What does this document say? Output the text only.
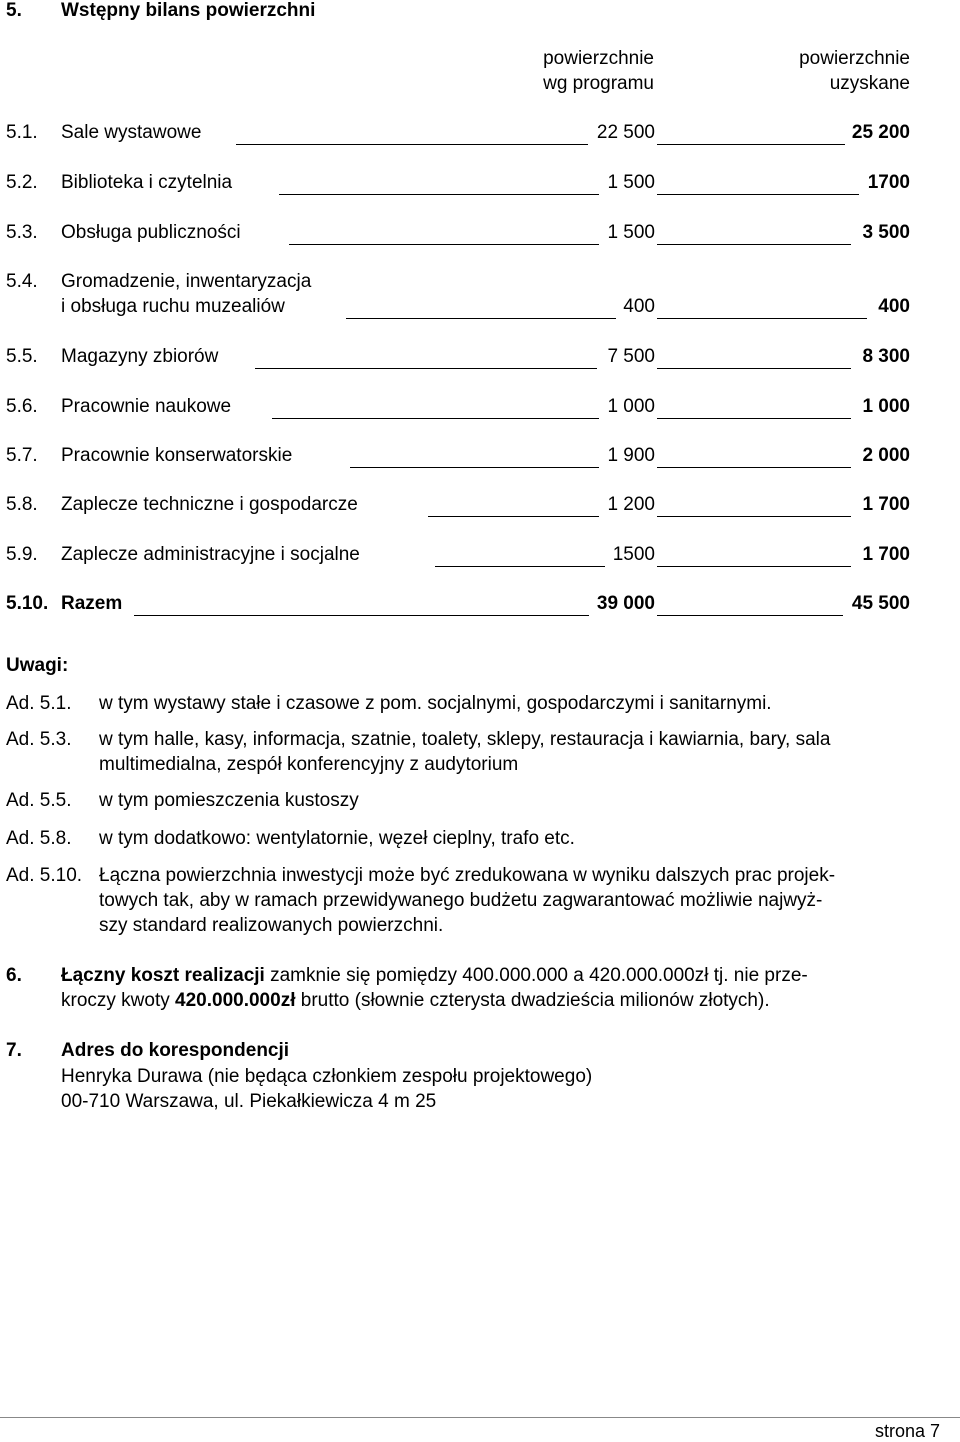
5. Wstępny bilans powierzchni
powierzchnie
wg programu
powierzchnie
uzyskane
5.1. Sale wystawowe	22 500	25 200
5.2. Biblioteka i czytelnia	1 500	1700
5.3. Obsługa publiczności	1 500	3 500
5.4. Gromadzenie, inwentaryzacja
i obsługa ruchu muzealiów	400	400
5.5. Magazyny zbiorów	7 500	8 300
5.6. Pracownie naukowe	1 000	1 000
5.7. Pracownie konserwatorskie	1 900	2 000
5.8. Zaplecze techniczne i gospodarcze	1 200	1 700
5.9. Zaplecze administracyjne i socjalne	1500	1 700
5.10. Razem	39 000	45 500
Uwagi:
Ad. 5.1. w tym wystawy stałe i czasowe z pom. socjalnymi, gospodarczymi i sanitarnymi.
Ad. 5.3. w tym halle, kasy, informacja, szatnie, toalety, sklepy, restauracja i kawiarnia, bary, sala
multimedialna, zespół konferencyjny z audytorium
Ad. 5.5. w tym pomieszczenia kustoszy
Ad. 5.8. w tym dodatkowo: wentylatornie, węzeł cieplny, trafo etc.
Ad. 5.10. Łączna powierzchnia inwestycji może być zredukowana w wyniku dalszych prac projek-
towych tak, aby w ramach przewidywanego budżetu zagwarantować możliwie najwyż-
szy standard realizowanych powierzchni.
6. Łączny koszt realizacji zamknie się pomiędzy 400.000.000 a 420.000.000zł tj. nie prze-
kroczy kwoty 420.000.000zł brutto (słownie czterysta dwadzieścia milionów złotych).
7. Adres do korespondencji
Henryka Durawa (nie będąca członkiem zespołu projektowego)
00-710 Warszawa, ul. Piekałkiewicza 4 m 25
strona 7
